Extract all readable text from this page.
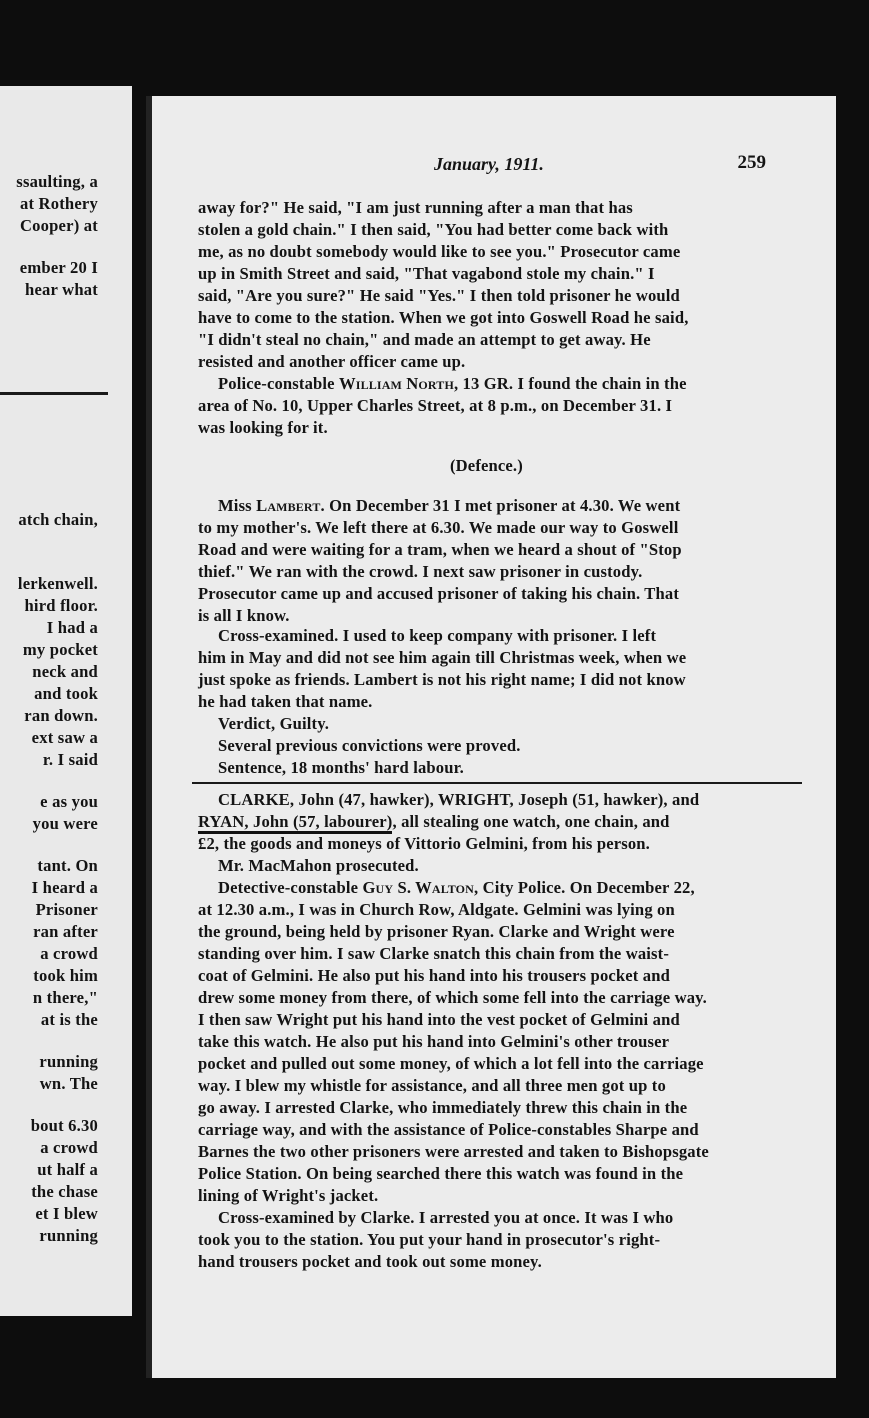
ssaulting, a
at Rothery
Cooper) at
ember 20 I
hear what
atch chain,
lerkenwell.
hird floor.
I had a
my pocket
neck and
and took
ran down.
ext saw a
r. I said
e as you
you were
tant. On
I heard a
Prisoner
ran after
a crowd
took him
n there,"
at is the
running
wn. The
bout 6.30
a crowd
ut half a
the chase
et I blew
running
January, 1911.	259
away for?" He said, "I am just running after a man that has
stolen a gold chain." I then said, "You had better come back with
me, as no doubt somebody would like to see you." Prosecutor came
up in Smith Street and said, "That vagabond stole my chain." I
said, "Are you sure?" He said "Yes." I then told prisoner he would
have to come to the station. When we got into Goswell Road he said,
"I didn't steal no chain," and made an attempt to get away. He
resisted and another officer came up.
Police-constable William North, 13 GR. I found the chain in the
area of No. 10, Upper Charles Street, at 8 p.m., on December 31. I
was looking for it.
(Defence.)
Miss Lambert. On December 31 I met prisoner at 4.30. We went
to my mother's. We left there at 6.30. We made our way to Goswell
Road and were waiting for a tram, when we heard a shout of "Stop
thief." We ran with the crowd. I next saw prisoner in custody.
Prosecutor came up and accused prisoner of taking his chain. That
is all I know.
Cross-examined. I used to keep company with prisoner. I left
him in May and did not see him again till Christmas week, when we
just spoke as friends. Lambert is not his right name; I did not know
he had taken that name.
Verdict, Guilty.
Several previous convictions were proved.
Sentence, 18 months' hard labour.
CLARKE, John (47, hawker), WRIGHT, Joseph (51, hawker), and
RYAN, John (57, labourer), all stealing one watch, one chain, and
£2, the goods and moneys of Vittorio Gelmini, from his person.
Mr. MacMahon prosecuted.
Detective-constable Guy S. Walton, City Police. On December 22,
at 12.30 a.m., I was in Church Row, Aldgate. Gelmini was lying on
the ground, being held by prisoner Ryan. Clarke and Wright were
standing over him. I saw Clarke snatch this chain from the waist-
coat of Gelmini. He also put his hand into his trousers pocket and
drew some money from there, of which some fell into the carriage way.
I then saw Wright put his hand into the vest pocket of Gelmini and
take this watch. He also put his hand into Gelmini's other trouser
pocket and pulled out some money, of which a lot fell into the carriage
way. I blew my whistle for assistance, and all three men got up to
go away. I arrested Clarke, who immediately threw this chain in the
carriage way, and with the assistance of Police-constables Sharpe and
Barnes the two other prisoners were arrested and taken to Bishopsgate
Police Station. On being searched there this watch was found in the
lining of Wright's jacket.
Cross-examined by Clarke. I arrested you at once. It was I who
took you to the station. You put your hand in prosecutor's right-
hand trousers pocket and took out some money.
